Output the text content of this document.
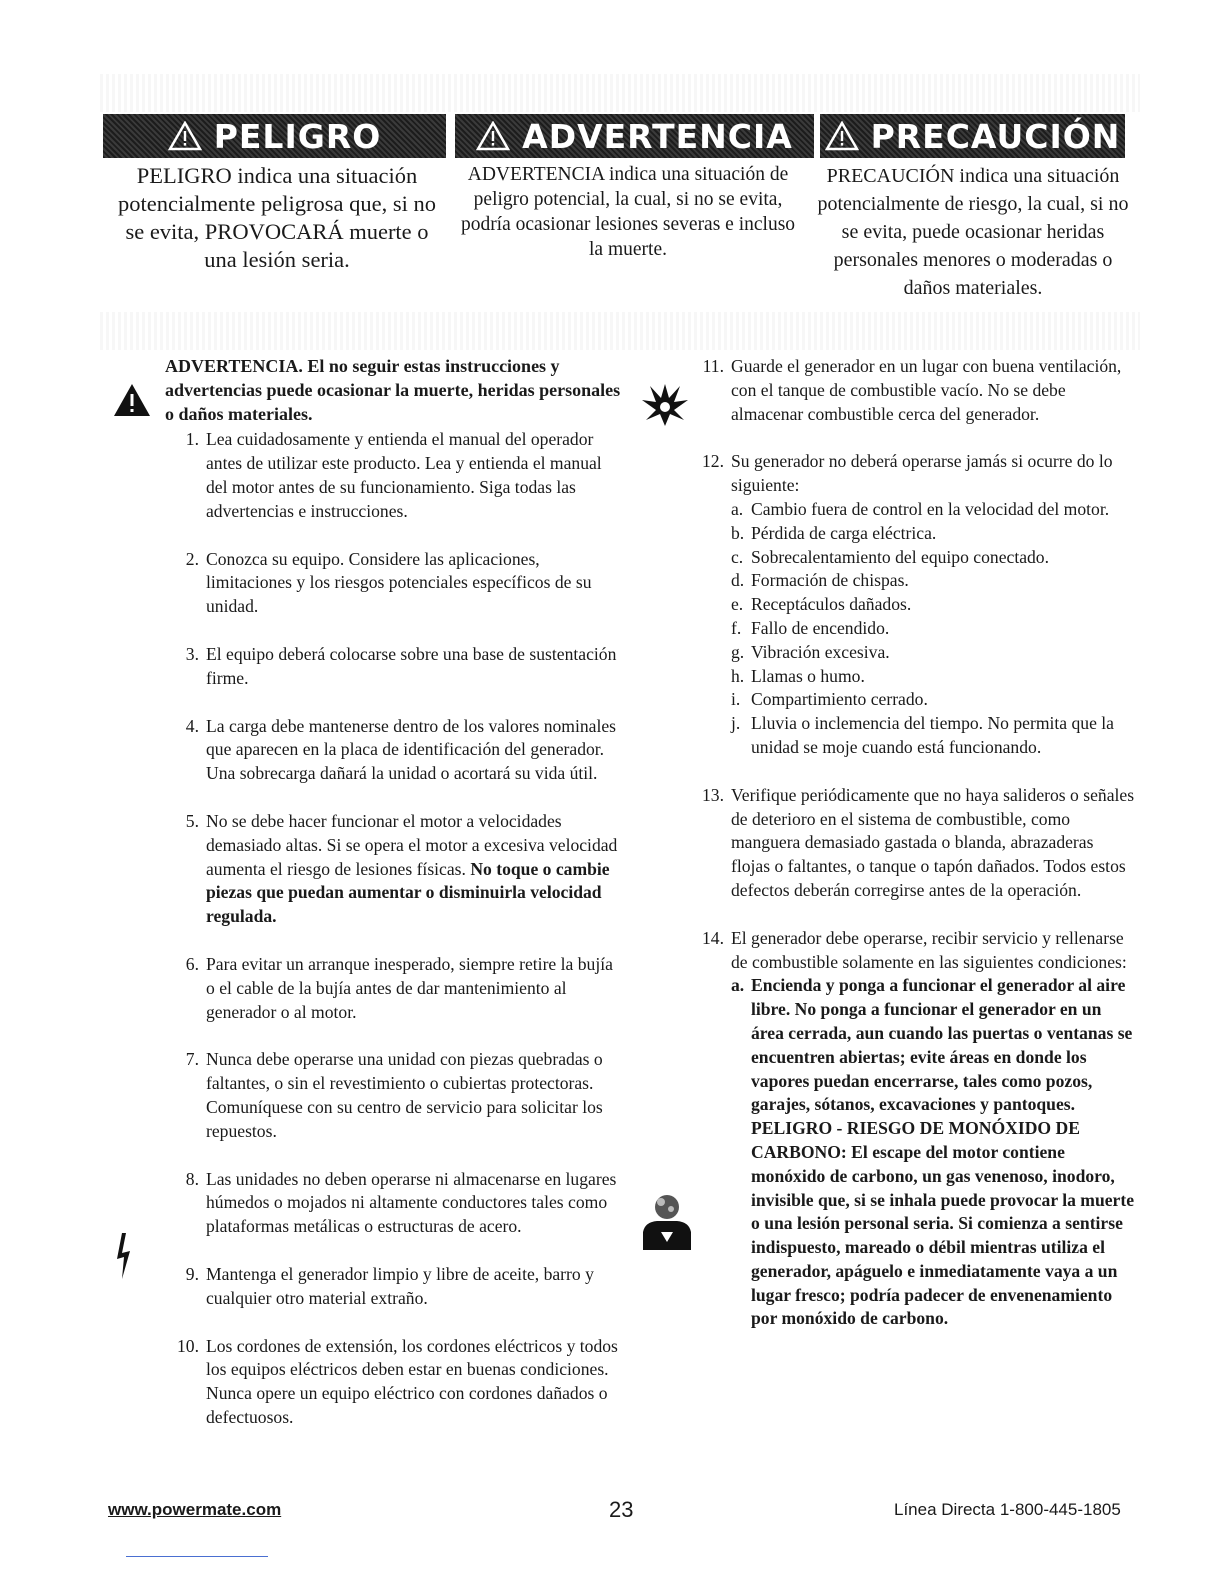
PELIGRO	ADVERTENCIA PRECAUCIÓN
PELIGRO indica una situación potencialmente peligrosa que, si no se evita, PROVOCARÁ muerte o una lesión seria.
ADVERTENCIA indica una situación de peligro potencial, la cual, si no se evita, podría ocasionar lesiones severas e incluso la muerte.
PRECAUCIÓN indica una situación potencialmente de riesgo, la cual, si no se evita, puede ocasionar heridas personales menores o moderadas o daños materiales.
ADVERTENCIA. El no seguir estas instrucciones y advertencias puede ocasionar la muerte, heridas personales o daños materiales.
1. Lea cuidadosamente y entienda el manual del operador antes de utilizar este producto. Lea y entienda el manual del motor antes de su funcionamiento. Siga todas las advertencias e instrucciones.
2. Conozca su equipo. Considere las aplicaciones, limitaciones y los riesgos potenciales específicos de su unidad.
3. El equipo deberá colocarse sobre una base de sustentación firme.
4. La carga debe mantenerse dentro de los valores nominales que aparecen en la placa de identificación del generador. Una sobrecarga dañará la unidad o acortará su vida útil.
5. No se debe hacer funcionar el motor a velocidades demasiado altas. Si se opera el motor a excesiva velocidad aumenta el riesgo de lesiones físicas. No toque o cambie piezas que puedan aumentar o disminuirla velocidad regulada.
6. Para evitar un arranque inesperado, siempre retire la bujía o el cable de la bujía antes de dar mantenimiento al generador o al motor.
7. Nunca debe operarse una unidad con piezas quebradas o faltantes, o sin el revestimiento o cubiertas protectoras. Comuníquese con su centro de servicio para solicitar los repuestos.
8. Las unidades no deben operarse ni almacenarse en lugares húmedos o mojados ni altamente conductores tales como plataformas metálicas o estructuras de acero.
9. Mantenga el generador limpio y libre de aceite, barro y cualquier otro material extraño.
10. Los cordones de extensión, los cordones eléctricos y todos los equipos eléctricos deben estar en buenas condiciones. Nunca opere un equipo eléctrico con cordones dañados o defectuosos.
11. Guarde el generador en un lugar con buena ventilación, con el tanque de combustible vacío. No se debe almacenar combustible cerca del generador.
12. Su generador no deberá operarse jamás si ocurre do lo siguiente:
a. Cambio fuera de control en la velocidad del motor.
b. Pérdida de carga eléctrica.
c. Sobrecalentamiento del equipo conectado.
d. Formación de chispas.
e. Receptáculos dañados.
f. Fallo de encendido.
g. Vibración excesiva.
h. Llamas o humo.
i. Compartimiento cerrado.
j. Lluvia o inclemencia del tiempo. No permita que la unidad se moje cuando está funcionando.
13. Verifique periódicamente que no haya salideros o señales de deterioro en el sistema de combustible, como manguera demasiado gastada o blanda, abrazaderas flojas o faltantes, o tanque o tapón dañados. Todos estos defectos deberán corregirse antes de la operación.
14. El generador debe operarse, recibir servicio y rellenarse de combustible solamente en las siguientes condiciones:
a. Encienda y ponga a funcionar el generador al aire libre. No ponga a funcionar el generador en un área cerrada, aun cuando las puertas o ventanas se encuentren abiertas; evite áreas en donde los vapores puedan encerrarse, tales como pozos, garajes, sótanos, excavaciones y pantoques. PELIGRO - RIESGO DE MONÓXIDO DE CARBONO: El escape del motor contiene monóxido de carbono, un gas venenoso, inodoro, invisible que, si se inhala puede provocar la muerte o una lesión personal seria. Si comienza a sentirse indispuesto, mareado o débil mientras utiliza el generador, apáguelo e inmediatamente vaya a un lugar fresco; podría padecer de envenenamiento por monóxido de carbono.
www.powermate.com	23	Línea Directa 1-800-445-1805
